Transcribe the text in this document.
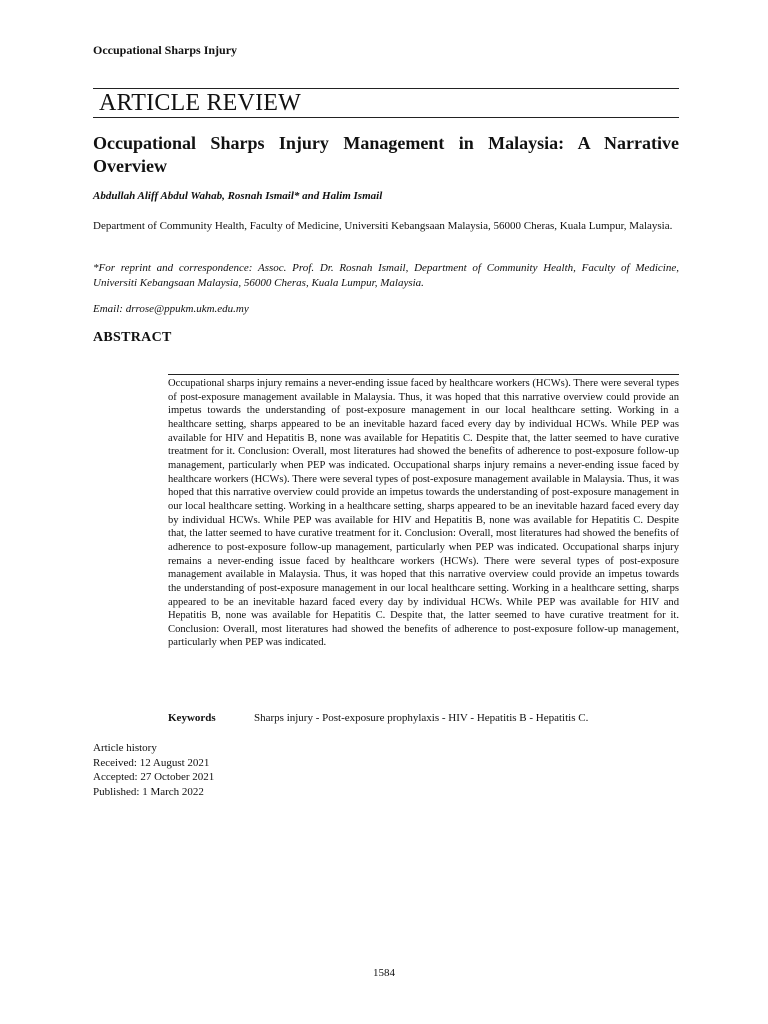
Occupational Sharps Injury
ARTICLE REVIEW
Occupational Sharps Injury Management in Malaysia: A Narrative Overview
Abdullah Aliff Abdul Wahab, Rosnah Ismail* and Halim Ismail
Department of Community Health, Faculty of Medicine, Universiti Kebangsaan Malaysia, 56000 Cheras, Kuala Lumpur, Malaysia.
*For reprint and correspondence: Assoc. Prof. Dr. Rosnah Ismail, Department of Community Health, Faculty of Medicine, Universiti Kebangsaan Malaysia, 56000 Cheras, Kuala Lumpur, Malaysia.
Email: drrose@ppukm.ukm.edu.my
ABSTRACT
Occupational sharps injury remains a never-ending issue faced by healthcare workers (HCWs). There were several types of post-exposure management available in Malaysia. Thus, it was hoped that this narrative overview could provide an impetus towards the understanding of post-exposure management in our local healthcare setting. Working in a healthcare setting, sharps appeared to be an inevitable hazard faced every day by individual HCWs. While PEP was available for HIV and Hepatitis B, none was available for Hepatitis C. Despite that, the latter seemed to have curative treatment for it. Conclusion: Overall, most literatures had showed the benefits of adherence to post-exposure follow-up management, particularly when PEP was indicated. Occupational sharps injury remains a never-ending issue faced by healthcare workers (HCWs). There were several types of post-exposure management available in Malaysia. Thus, it was hoped that this narrative overview could provide an impetus towards the understanding of post-exposure management in our local healthcare setting. Working in a healthcare setting, sharps appeared to be an inevitable hazard faced every day by individual HCWs. While PEP was available for HIV and Hepatitis B, none was available for Hepatitis C. Despite that, the latter seemed to have curative treatment for it. Conclusion: Overall, most literatures had showed the benefits of adherence to post-exposure follow-up management, particularly when PEP was indicated. Occupational sharps injury remains a never-ending issue faced by healthcare workers (HCWs). There were several types of post-exposure management available in Malaysia. Thus, it was hoped that this narrative overview could provide an impetus towards the understanding of post-exposure management in our local healthcare setting. Working in a healthcare setting, sharps appeared to be an inevitable hazard faced every day by individual HCWs. While PEP was available for HIV and Hepatitis B, none was available for Hepatitis C. Despite that, the latter seemed to have curative treatment for it. Conclusion: Overall, most literatures had showed the benefits of adherence to post-exposure follow-up management, particularly when PEP was indicated.
Keywords	Sharps injury - Post-exposure prophylaxis - HIV - Hepatitis B - Hepatitis C.
Article history
Received: 12 August 2021
Accepted: 27 October 2021
Published: 1 March 2022
1584
